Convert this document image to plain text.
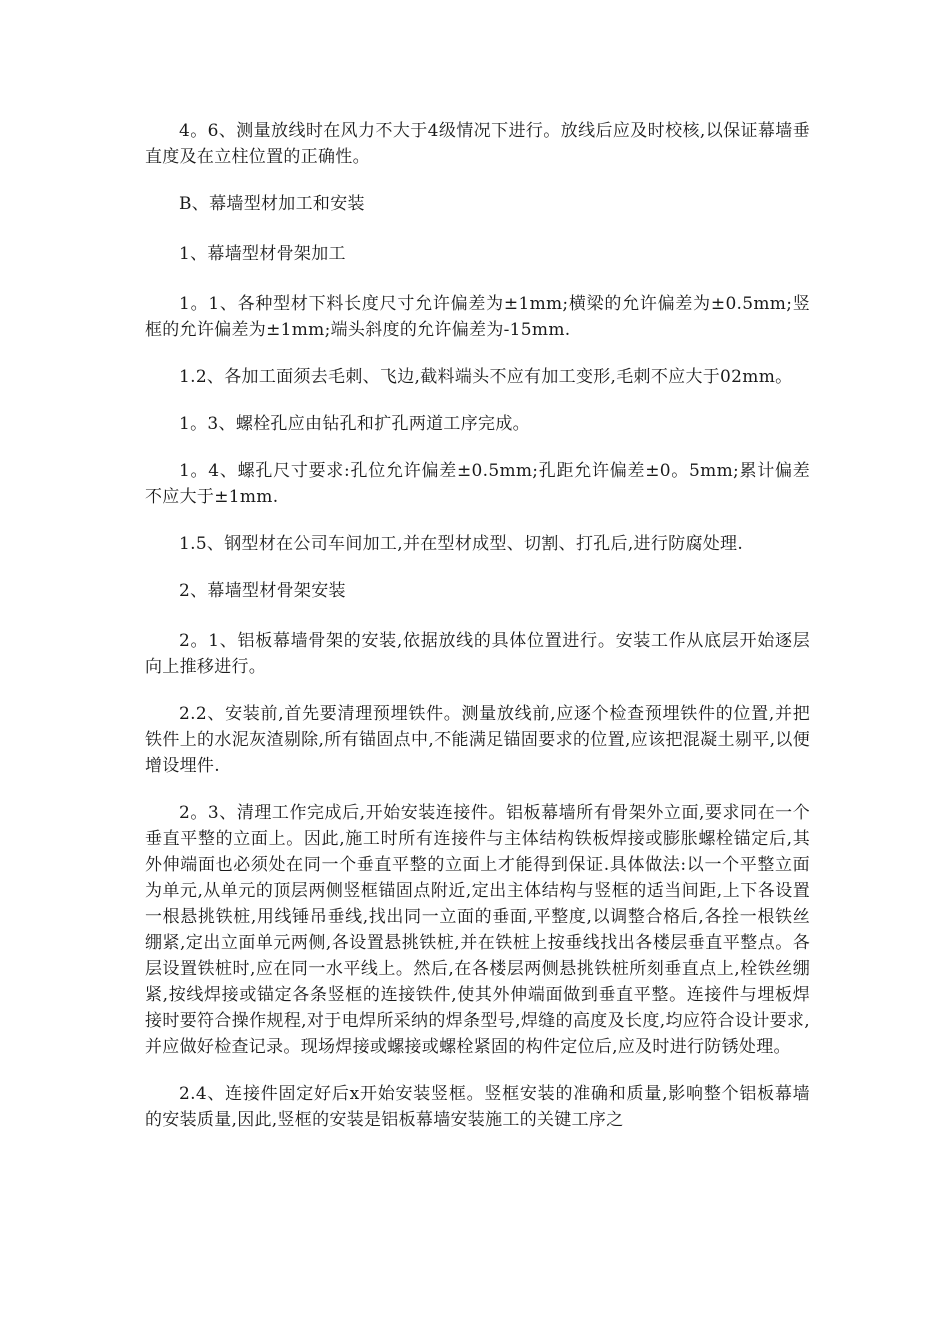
4。6、测量放线时在风力不大于4级情况下进行。放线后应及时校核,以保证幕墙垂直度及在立柱位置的正确性。

B、幕墙型材加工和安装

1、幕墙型材骨架加工

1。1、各种型材下料长度尺寸允许偏差为±1mm;横梁的允许偏差为±0.5mm;竖框的允许偏差为±1mm;端头斜度的允许偏差为-15mm.

1.2、各加工面须去毛刺、飞边,截料端头不应有加工变形,毛刺不应大于02mm。

1。3、螺栓孔应由钻孔和扩孔两道工序完成。

1。4、螺孔尺寸要求:孔位允许偏差±0.5mm;孔距允许偏差±0。5mm;累计偏差不应大于±1mm.

1.5、钢型材在公司车间加工,并在型材成型、切割、打孔后,进行防腐处理.

2、幕墙型材骨架安装

2。1、铝板幕墙骨架的安装,依据放线的具体位置进行。安装工作从底层开始逐层向上推移进行。

2.2、安装前,首先要清理预埋铁件。测量放线前,应逐个检查预埋铁件的位置,并把铁件上的水泥灰渣剔除,所有锚固点中,不能满足锚固要求的位置,应该把混凝土剔平,以便增设埋件.

2。3、清理工作完成后,开始安装连接件。铝板幕墙所有骨架外立面,要求同在一个垂直平整的立面上。因此,施工时所有连接件与主体结构铁板焊接或膨胀螺栓锚定后,其外伸端面也必须处在同一个垂直平整的立面上才能得到保证.具体做法:以一个平整立面为单元,从单元的顶层两侧竖框锚固点附近,定出主体结构与竖框的适当间距,上下各设置一根悬挑铁桩,用线锤吊垂线,找出同一立面的垂面,平整度,以调整合格后,各拴一根铁丝绷紧,定出立面单元两侧,各设置悬挑铁桩,并在铁桩上按垂线找出各楼层垂直平整点。各层设置铁桩时,应在同一水平线上。然后,在各楼层两侧悬挑铁桩所刻垂直点上,栓铁丝绷紧,按线焊接或锚定各条竖框的连接铁件,使其外伸端面做到垂直平整。连接件与埋板焊接时要符合操作规程,对于电焊所采纳的焊条型号,焊缝的高度及长度,均应符合设计要求,并应做好检查记录。现场焊接或螺接或螺栓紧固的构件定位后,应及时进行防锈处理。

2.4、连接件固定好后x开始安装竖框。竖框安装的准确和质量,影响整个铝板幕墙的安装质量,因此,竖框的安装是铝板幕墙安装施工的关键工序之
